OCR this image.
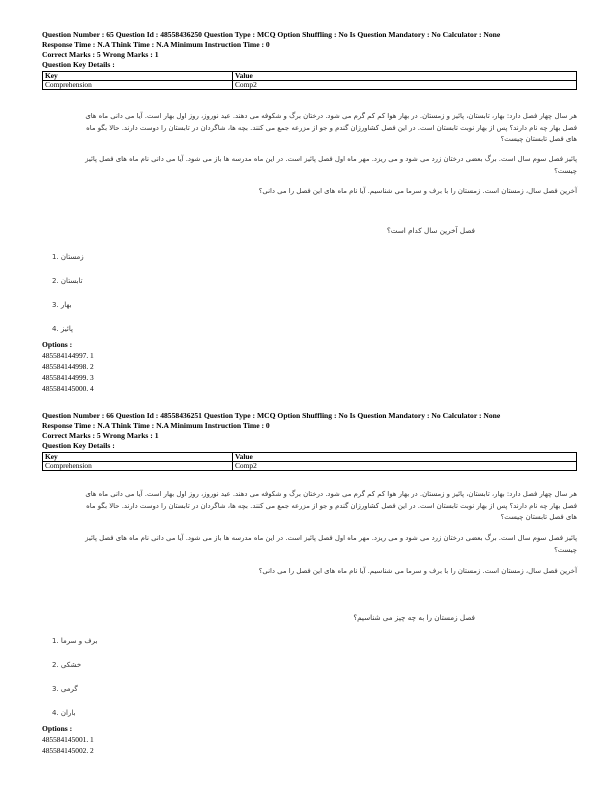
Question Number : 65 Question Id : 48558436250 Question Type : MCQ Option Shuffling : No Is Question Mandatory : No Calculator : None
Response Time : N.A Think Time : N.A Minimum Instruction Time : 0
Correct Marks : 5 Wrong Marks : 1
Question Key Details :
Key	Value
Comprehension	Comp2
هر سال چهار فصل دارد: بهار، تابستان، پائیز و زمستان. در بهار هوا کم کم گرم می شود. درختان برگ و شکوفه می دهند. عید نوروز، روز اول بهار است. آیا می دانی ماه های فصل بهار چه نام دارند؟ پس از بهار نوبت تابستان است. در این فصل کشاورزان گندم و جو از مزرعه جمع می کنند. بچه ها، شاگردان در تابستان را دوست دارند. حالا بگو ماه های فصل تابستان چیست؟
پائیز فصل سوم سال است. برگ بعضی درختان زرد می شود و می ریزد. مهر ماه اول فصل پائیز است. در این ماه مدرسه ها باز می شود. آیا می دانی نام ماه های فصل پائیز چیست؟
آخرین فصل سال، زمستان است. زمستان را با برف و سرما می شناسیم. آیا نام ماه های این فصل را می دانی؟
فصل آخرین سال کدام است؟
زمستان .1
تابستان .2
بهار .3
پائیز .4
Options :
485584144997. 1
485584144998. 2
485584144999. 3
485584145000. 4
Question Number : 66 Question Id : 48558436251 Question Type : MCQ Option Shuffling : No Is Question Mandatory : No Calculator : None
Response Time : N.A Think Time : N.A Minimum Instruction Time : 0
Correct Marks : 5 Wrong Marks : 1
Question Key Details :
Key	Value
Comprehension	Comp2
هر سال چهار فصل دارد: بهار، تابستان، پائیز و زمستان. در بهار هوا کم کم گرم می شود. درختان برگ و شکوفه می دهند. عید نوروز، روز اول بهار است. آیا می دانی ماه های فصل بهار چه نام دارند؟ پس از بهار نوبت تابستان است. در این فصل کشاورزان گندم و جو از مزرعه جمع می کنند. بچه ها، شاگردان در تابستان را دوست دارند. حالا بگو ماه های فصل تابستان چیست؟
پائیز فصل سوم سال است. برگ بعضی درختان زرد می شود و می ریزد. مهر ماه اول فصل پائیز است. در این ماه مدرسه ها باز می شود. آیا می دانی نام ماه های فصل پائیز چیست؟
آخرین فصل سال، زمستان است. زمستان را با برف و سرما می شناسیم. آیا نام ماه های این فصل را می دانی؟
فصل زمستان را به چه چیز می شناسیم؟
برف و سرما .1
خشکی .2
گرمی .3
باران .4
Options :
485584145001. 1
485584145002. 2
